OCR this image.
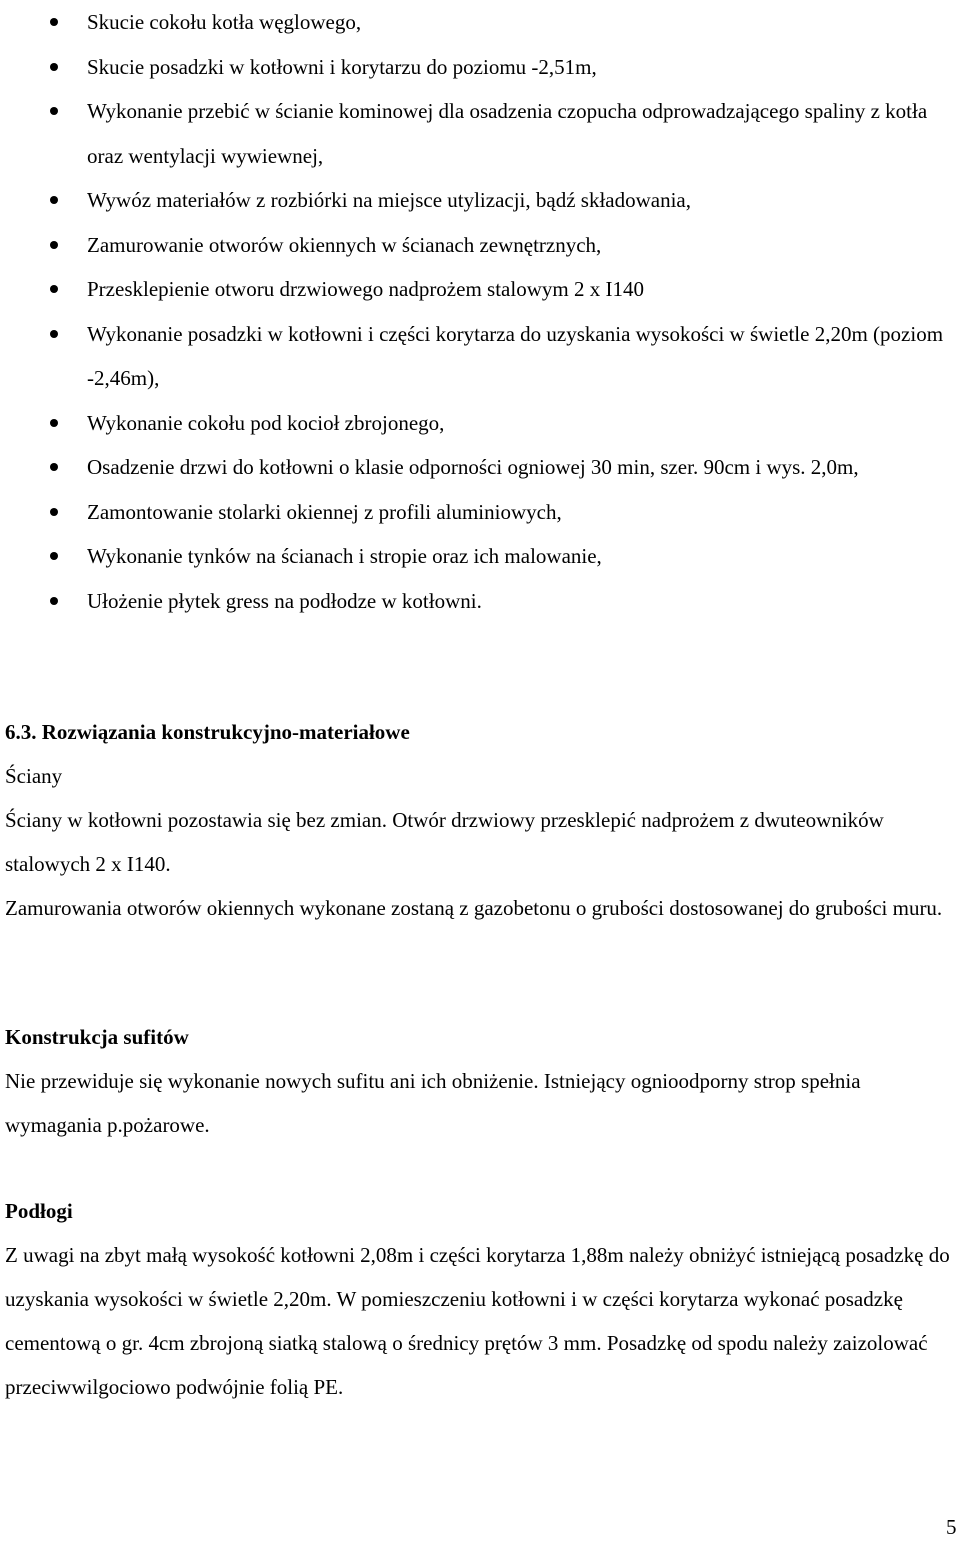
Skucie cokołu kotła węglowego,
Skucie posadzki w kotłowni i korytarzu do poziomu -2,51m,
Wykonanie przebić w ścianie kominowej dla osadzenia czopucha odprowadzającego spaliny z kotła oraz wentylacji wywiewnej,
Wywóz materiałów z rozbiórki na miejsce utylizacji, bądź składowania,
Zamurowanie otworów okiennych w ścianach zewnętrznych,
Przesklepienie otworu drzwiowego nadprożem stalowym 2 x I140
Wykonanie posadzki w kotłowni i części korytarza do uzyskania wysokości w świetle 2,20m (poziom -2,46m),
Wykonanie cokołu pod kocioł zbrojonego,
Osadzenie drzwi do kotłowni o klasie odporności ogniowej 30 min, szer. 90cm i wys. 2,0m,
Zamontowanie stolarki okiennej z profili aluminiowych,
Wykonanie tynków na ścianach i stropie oraz ich malowanie,
Ułożenie płytek gress na podłodze w kotłowni.

6.3. Rozwiązania konstrukcyjno-materiałowe

Ściany

Ściany w kotłowni pozostawia się bez zmian. Otwór drzwiowy przesklepić nadprożem z dwuteowników stalowych 2 x I140.

Zamurowania otworów okiennych wykonane zostaną z gazobetonu o grubości dostosowanej do grubości muru.

Konstrukcja sufitów

Nie przewiduje się wykonanie nowych sufitu ani ich obniżenie. Istniejący ognioodporny strop spełnia wymagania p.pożarowe.

Podłogi

Z uwagi na zbyt małą wysokość kotłowni 2,08m i części korytarza 1,88m należy obniżyć istniejącą posadzkę do uzyskania wysokości w świetle 2,20m. W pomieszczeniu kotłowni i w części korytarza wykonać posadzkę cementową o gr. 4cm zbrojoną siatką stalową o średnicy prętów 3 mm. Posadzkę od spodu należy zaizolować przeciwwilgociowo podwójnie folią PE.

5
